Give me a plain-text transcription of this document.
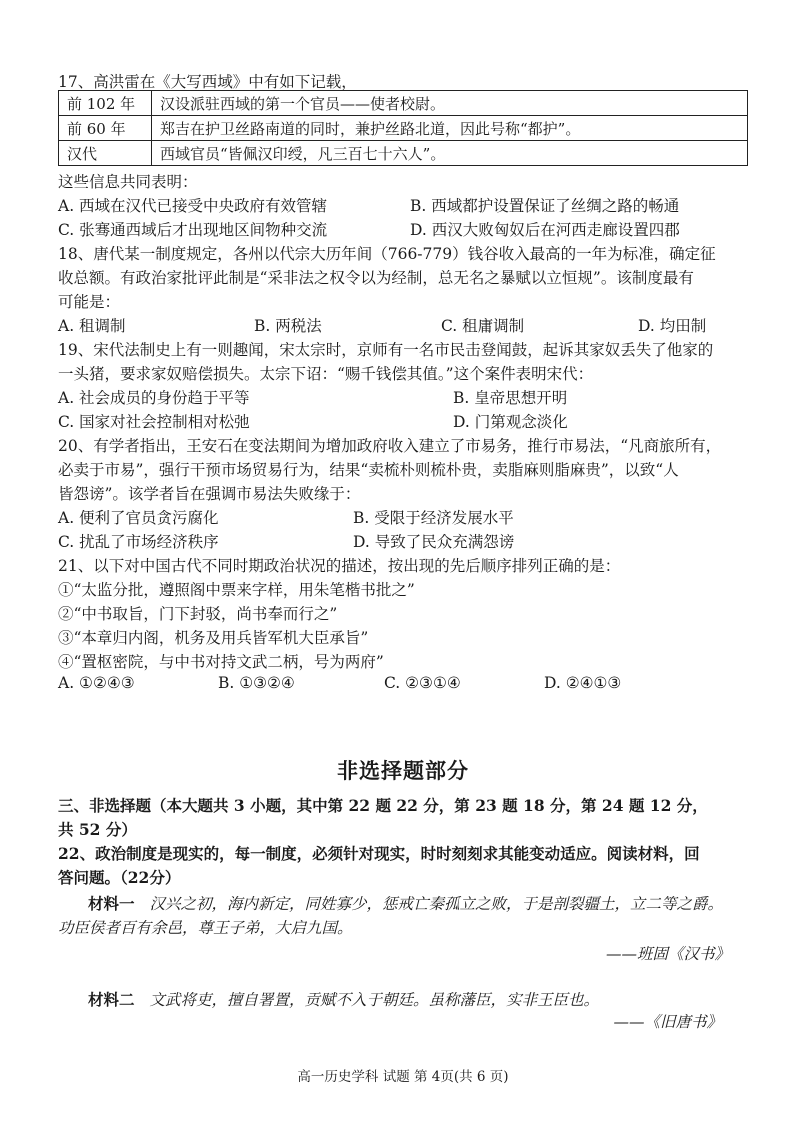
17、高洪雷在《大写西域》中有如下记载，
前 102 年	汉设派驻西域的第一个官员——使者校尉。
前 60 年	郑吉在护卫丝路南道的同时，兼护丝路北道，因此号称“都护”。
汉代	西域官员“皆佩汉印绶，凡三百七十六人”。
这些信息共同表明：
A. 西域在汉代已接受中央政府有效管辖	B. 西域都护设置保证了丝绸之路的畅通
C. 张骞通西域后才出现地区间物种交流	D. 西汉大败匈奴后在河西走廊设置四郡
18、唐代某一制度规定，各州以代宗大历年间（766-779）钱谷收入最高的一年为标准，确定征
收总额。有政治家批评此制是“采非法之权令以为经制，总无名之暴赋以立恒规”。该制度最有
可能是：
A. 租调制	B. 两税法	C. 租庸调制	D. 均田制
19、宋代法制史上有一则趣闻，宋太宗时，京师有一名市民击登闻鼓，起诉其家奴丢失了他家的
一头猪，要求家奴赔偿损失。太宗下诏：“赐千钱偿其值。”这个案件表明宋代：
A. 社会成员的身份趋于平等	B. 皇帝思想开明
C. 国家对社会控制相对松弛	D. 门第观念淡化
20、有学者指出，王安石在变法期间为增加政府收入建立了市易务，推行市易法，“凡商旅所有，
必卖于市易”，强行干预市场贸易行为，结果“卖梳朴则梳朴贵，卖脂麻则脂麻贵”，以致“人
皆怨谤”。该学者旨在强调市易法失败缘于：
A. 便利了官员贪污腐化	B. 受限于经济发展水平
C. 扰乱了市场经济秩序	D. 导致了民众充满怨谤
21、以下对中国古代不同时期政治状况的描述，按出现的先后顺序排列正确的是：
①“太监分批，遵照阁中票来字样，用朱笔楷书批之”
②“中书取旨，门下封驳，尚书奉而行之”
③“本章归内阁，机务及用兵皆军机大臣承旨”
④“置枢密院，与中书对持文武二柄，号为两府”
A. ①②④③	B. ①③②④	C. ②③①④	D. ②④①③
非选择题部分
三、非选择题（本大题共 3 小题，其中第 22 题 22 分，第 23 题 18 分，第 24 题 12 分，
共 52 分）
22、政治制度是现实的，每一制度，必须针对现实，时时刻刻求其能变动适应。阅读材料，回
答问题。（22分）
材料一 汉兴之初，海内新定，同姓寡少，惩戒亡秦孤立之败，于是剖裂疆土，立二等之爵。
功臣侯者百有余邑，尊王子弟，大启九国。
——班固《汉书》
材料二 文武将吏，擅自署置，贡赋不入于朝廷。虽称藩臣，实非王臣也。
——《旧唐书》
高一历史学科 试题 第 4页(共 6 页)
